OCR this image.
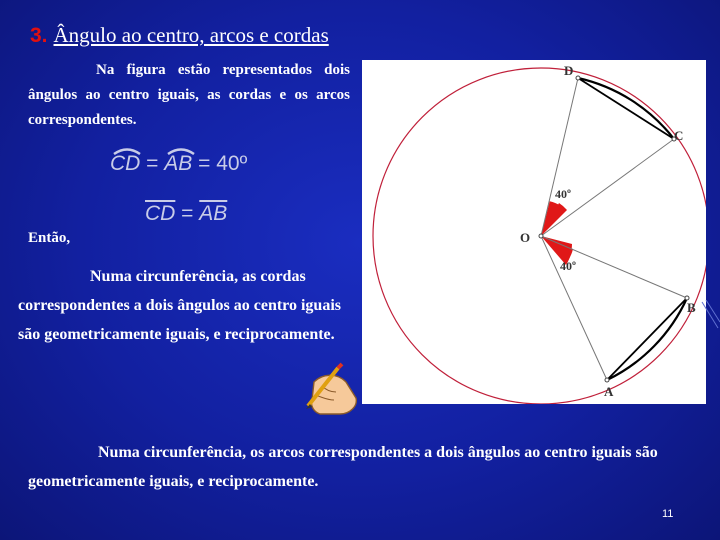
3. Ângulo ao centro, arcos e cordas
Na figura estão representados dois ângulos ao centro iguais, as cordas e os arcos correspondentes.
CD =
AB = 40º
$\overline{CD} = \overline{AB}$
Então,
Numa circunferência, as cordas correspondentes a dois ângulos ao centro iguais são geometricamente iguais, e reciprocamente.
Numa circunferência, os arcos correspondentes a dois ângulos ao centro iguais são geometricamente iguais, e reciprocamente.
D
C
O
B
A
40º
40º
11
